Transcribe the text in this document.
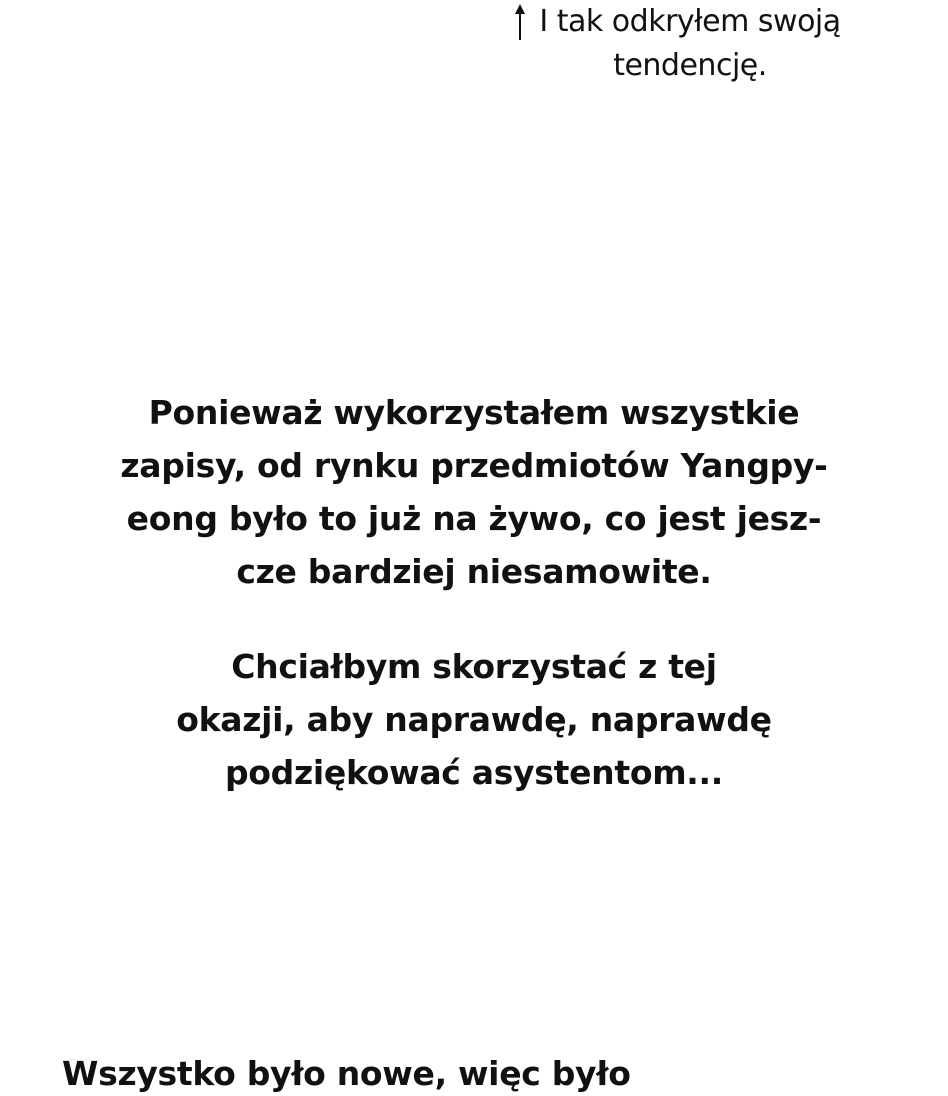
I tak odkryłem swoją
tendencję.
Ponieważ wykorzystałem wszystkie
zapisy, od rynku przedmiotów Yangpy-
eong było to już na żywo, co jest jesz-
cze bardziej niesamowite.
Chciałbym skorzystać z tej
okazji, aby naprawdę, naprawdę
podziękować asystentom...
Wszystko było nowe, więc było
